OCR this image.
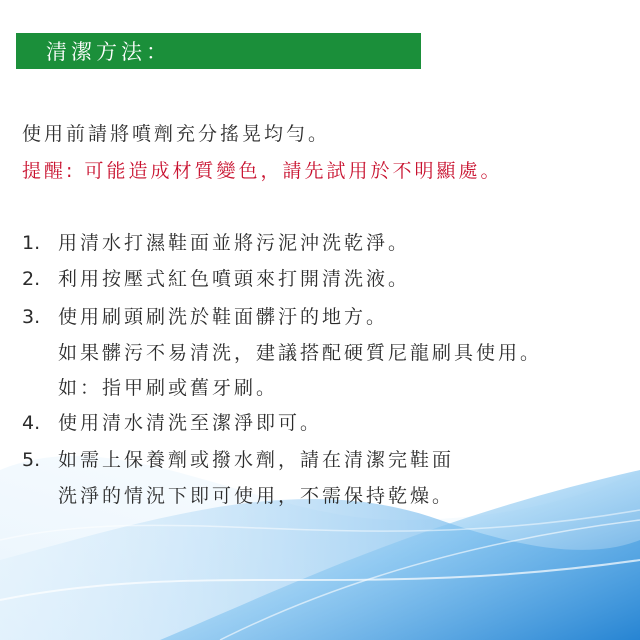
清潔方法：
使用前請將噴劑充分搖晃均勻。
提醒: 可能造成材質變色，請先試用於不明顯處。
1. 用清水打濕鞋面並將污泥沖洗乾淨。
2. 利用按壓式紅色噴頭來打開清洗液。
3. 使用刷頭刷洗於鞋面髒汙的地方。
如果髒污不易清洗，建議搭配硬質尼龍刷具使用。
如：指甲刷或舊牙刷。
4. 使用清水清洗至潔淨即可。
5. 如需上保養劑或撥水劑，請在清潔完鞋面
洗淨的情況下即可使用，不需保持乾燥。
